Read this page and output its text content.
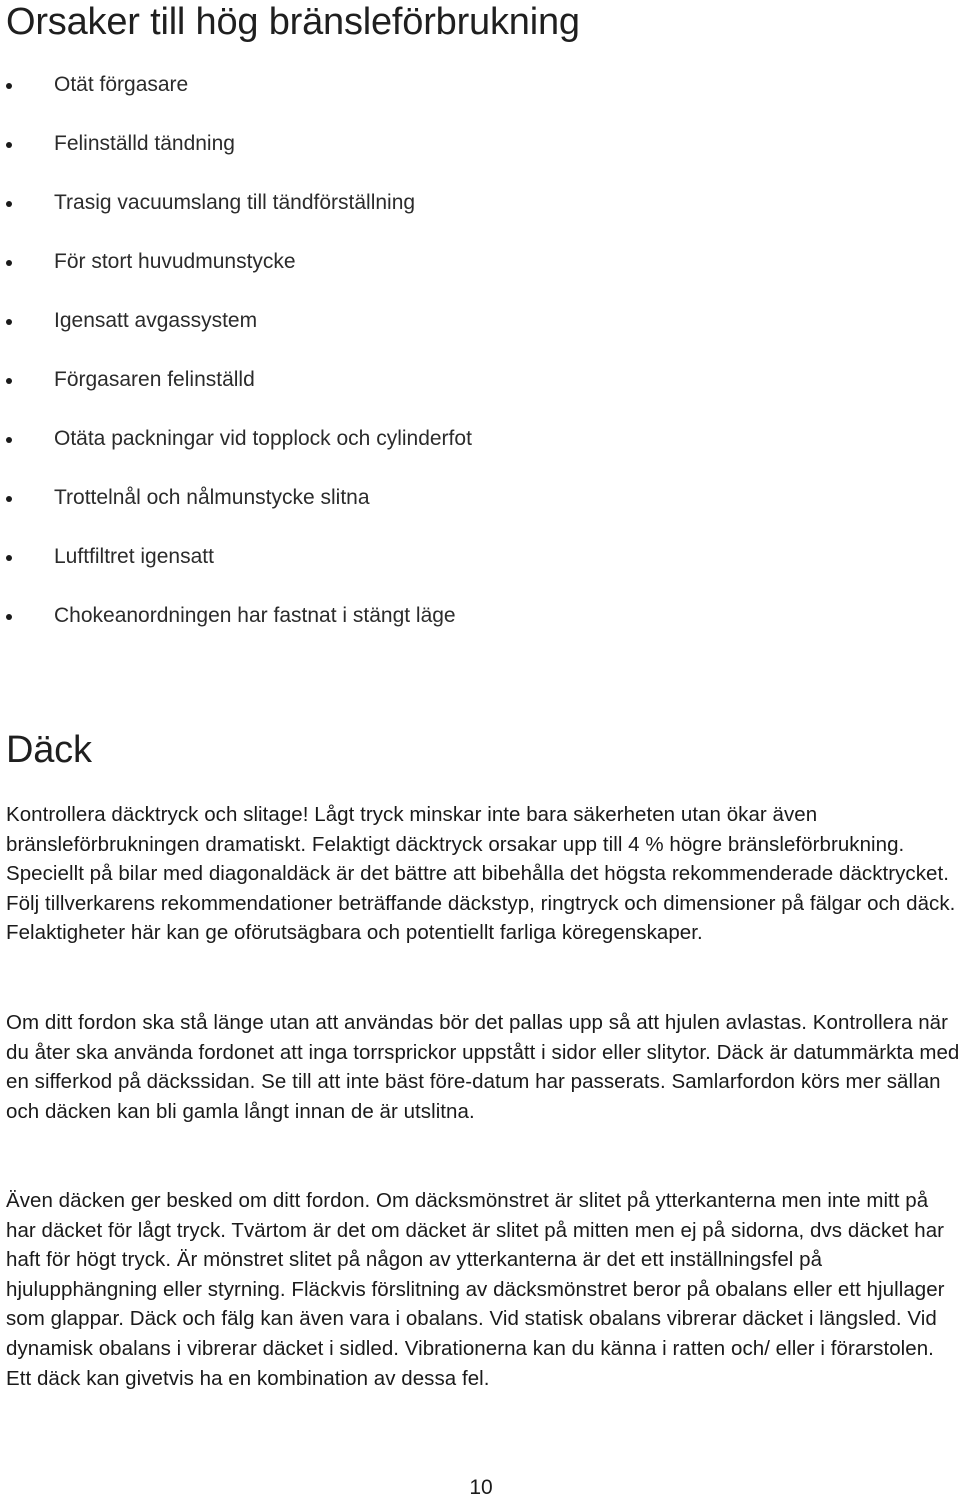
Orsaker till hög bränsleförbrukning
Otät förgasare
Felinställd tändning
Trasig vacuumslang till tändförställning
För stort huvudmunstycke
Igensatt avgassystem
Förgasaren felinställd
Otäta packningar vid topplock och cylinderfot
Trottelnål och nålmunstycke slitna
Luftfiltret igensatt
Chokeanordningen har fastnat i stängt läge
Däck

Kontrollera däcktryck och slitage! Lågt tryck minskar inte bara säkerheten utan ökar även bränsleförbrukningen dramatiskt. Felaktigt däcktryck orsakar upp till 4 % högre bränsleförbrukning. Speciellt på bilar med diagonaldäck är det bättre att bibehålla det högsta rekommenderade däcktrycket. Följ tillverkarens rekommendationer beträffande däckstyp, ringtryck och dimensioner på fälgar och däck. Felaktigheter här kan ge oförutsägbara och potentiellt farliga köregenskaper.

Om ditt fordon ska stå länge utan att användas bör det pallas upp så att hjulen avlastas. Kontrollera när du åter ska använda fordonet att inga torrsprickor uppstått i sidor eller slitytor. Däck är datummärkta med en sifferkod på däckssidan. Se till att inte bäst före-datum har passerats. Samlarfordon körs mer sällan och däcken kan bli gamla långt innan de är utslitna.

Även däcken ger besked om ditt fordon. Om däcksmönstret är slitet på ytterkanterna men inte mitt på har däcket för lågt tryck. Tvärtom är det om däcket är slitet på mitten men ej på sidorna, dvs däcket har haft för högt tryck. Är mönstret slitet på någon av ytterkanterna är det ett inställningsfel på hjulupphängning eller styrning. Fläckvis förslitning av däcksmönstret beror på obalans eller ett hjullager som glappar. Däck och fälg kan även vara i obalans. Vid statisk obalans vibrerar däcket i längsled. Vid dynamisk obalans i vibrerar däcket i sidled. Vibrationerna kan du känna i ratten och/ eller i förarstolen. Ett däck kan givetvis ha en kombination av dessa fel.

10
